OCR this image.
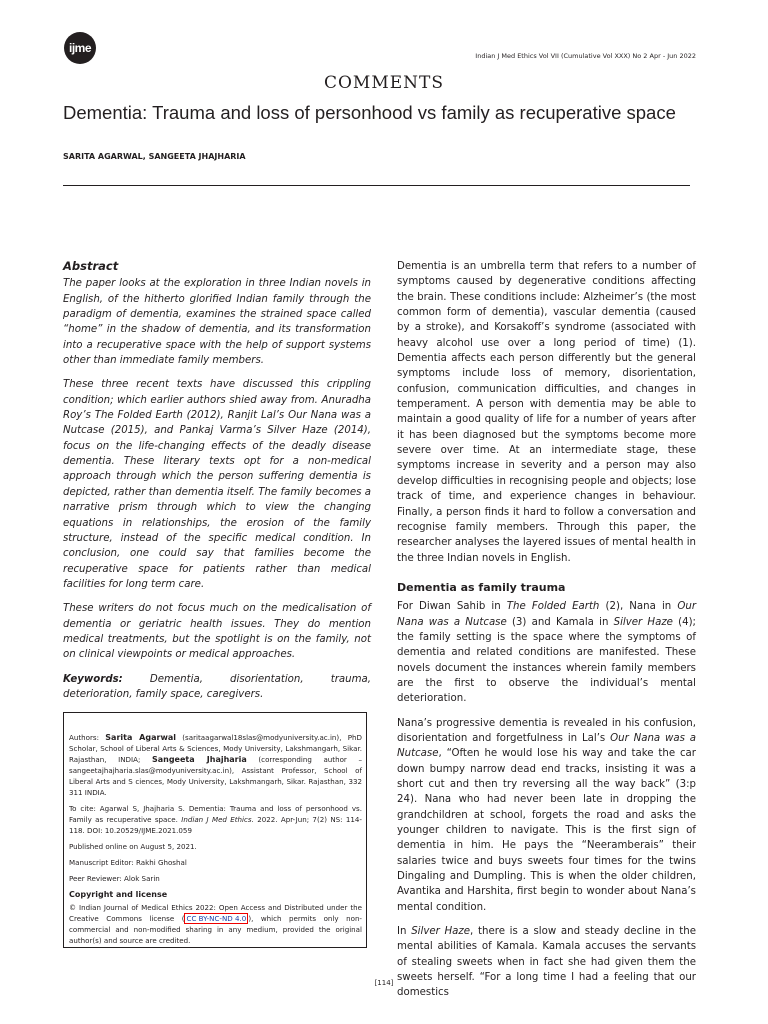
ijme
Indian J Med Ethics Vol VII (Cumulative Vol XXX) No 2 Apr - Jun 2022
COMMENTS
Dementia: Trauma and loss of personhood vs family as recuperative space
SARITA AGARWAL, SANGEETA JHAJHARIA
Abstract

The paper looks at the exploration in three Indian novels in English, of the hitherto glorified Indian family through the paradigm of dementia, examines the strained space called “home” in the shadow of dementia, and its transformation into a recuperative space with the help of support systems other than immediate family members.

These three recent texts have discussed this crippling condition; which earlier authors shied away from. Anuradha Roy’s The Folded Earth (2012), Ranjit Lal’s Our Nana was a Nutcase (2015), and Pankaj Varma’s Silver Haze (2014), focus on the life-changing effects of the deadly disease dementia. These literary texts opt for a non-medical approach through which the person suffering dementia is depicted, rather than dementia itself. The family becomes a narrative prism through which to view the changing equations in relationships, the erosion of the family structure, instead of the specific medical condition. In conclusion, one could say that families become the recuperative space for patients rather than medical facilities for long term care.

These writers do not focus much on the medicalisation of dementia or geriatric health issues. They do mention medical treatments, but the spotlight is on the family, not on clinical viewpoints or medical approaches.

Keywords: Dementia, disorientation, trauma, deterioration, family space, caregivers.

Authors: Sarita Agarwal (saritaagarwal18slas@modyuniversity.ac.in), PhD Scholar, School of Liberal Arts & Sciences, Mody University, Lakshmangarh, Sikar. Rajasthan, INDIA; Sangeeta Jhajharia (corresponding author – sangeetajhajharia.slas@modyuniversity.ac.in), Assistant Professor, School of Liberal Arts and S ciences, Mody University, Lakshmangarh, Sikar. Rajasthan, 332 311 INDIA.

To cite: Agarwal S, Jhajharia S. Dementia: Trauma and loss of personhood vs. Family as recuperative space. Indian J Med Ethics. 2022. Apr-Jun; 7(2) NS: 114-118. DOI: 10.20529/IJME.2021.059

Published online on August 5, 2021.

Manuscript Editor: Rakhi Ghoshal

Peer Reviewer: Alok Sarin

Copyright and license

© Indian Journal of Medical Ethics 2022: Open Access and Distributed under the Creative Commons license ( CC BY-NC-ND 4.0 ), which permits only non-commercial and non-modified sharing in any medium, provided the original author(s) and source are credited.

Dementia is an umbrella term that refers to a number of symptoms caused by degenerative conditions affecting the brain. These conditions include: Alzheimer’s (the most common form of dementia), vascular dementia (caused by a stroke), and Korsakoff’s syndrome (associated with heavy alcohol use over a long period of time) (1). Dementia affects each person differently but the general symptoms include loss of memory, disorientation, confusion, communication difficulties, and changes in temperament. A person with dementia may be able to maintain a good quality of life for a number of years after it has been diagnosed but the symptoms become more severe over time. At an intermediate stage, these symptoms increase in severity and a person may also develop difficulties in recognising people and objects; lose track of time, and experience changes in behaviour. Finally, a person finds it hard to follow a conversation and recognise family members. Through this paper, the researcher analyses the layered issues of mental health in the three Indian novels in English.

Dementia as family trauma

For Diwan Sahib in The Folded Earth (2), Nana in Our Nana was a Nutcase (3) and Kamala in Silver Haze (4); the family setting is the space where the symptoms of dementia and related conditions are manifested. These novels document the instances wherein family members are the first to observe the individual’s mental deterioration.

Nana’s progressive dementia is revealed in his confusion, disorientation and forgetfulness in Lal’s Our Nana was a Nutcase, “Often he would lose his way and take the car down bumpy narrow dead end tracks, insisting it was a short cut and then try reversing all the way back” (3:p 24). Nana who had never been late in dropping the grandchildren at school, forgets the road and asks the younger children to navigate. This is the first sign of dementia in him. He pays the “Neeramberais” their salaries twice and buys sweets four times for the twins Dingaling and Dumpling. This is when the older children, Avantika and Harshita, first begin to wonder about Nana’s mental condition.

In Silver Haze, there is a slow and steady decline in the mental abilities of Kamala. Kamala accuses the servants of stealing sweets when in fact she had given them the sweets herself. “For a long time I had a feeling that our domestics

[114]
